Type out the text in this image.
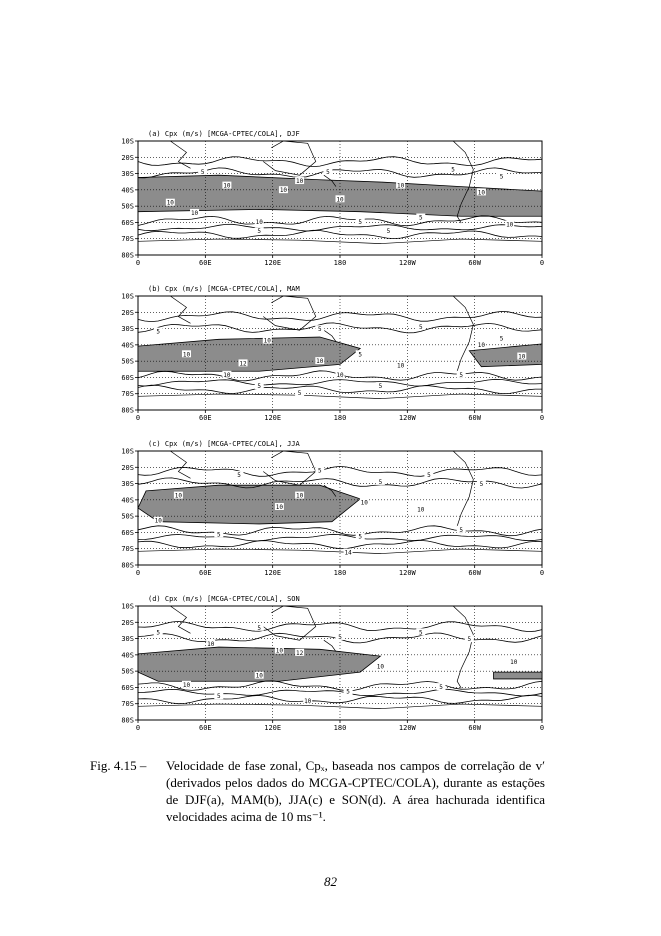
(a) Cpx (m/s) [MCGA-CPTEC/COLA], DJF
10S
20S
30S
40S
50S
60S
70S
80S
0	60E	120E	180	120W	60W	0
10
10
10
10
10
10
5
5
5
5
5
5
5
5
10
10
10
10
(b) Cpx (m/s) [MCGA-CPTEC/COLA], MAM
10S
20S
30S
40S
50S
60S
70S
80S
0	60E	120E	180	120W	60W	0
10
10
12
10
10
10
10
5
5
5
5
5
5
5
5
5
10
10
(c) Cpx (m/s) [MCGA-CPTEC/COLA], JJA
10S
20S
30S
40S
50S
60S
70S
80S
0	60E	120E	180	120W	60W	0
10
10
10
10
14
5
5
5
5
5
5	5
5
10
10
(d) Cpx (m/s) [MCGA-CPTEC/COLA], SON
10S
20S
30S
40S
50S
60S
70S
80S
0	60E	120E	180	120W	60W	0
10
10 12
10
10
10
5
5
5
5
5
5
5
5
10
10
Fig. 4.15 – Velocidade de fase zonal, Cpₓ, baseada nos campos de correlação de v′ (derivados pelos dados do MCGA-CPTEC/COLA), durante as estações de DJF(a), MAM(b), JJA(c) e SON(d). A área hachurada identifica velocidades acima de 10 ms⁻¹.
82
